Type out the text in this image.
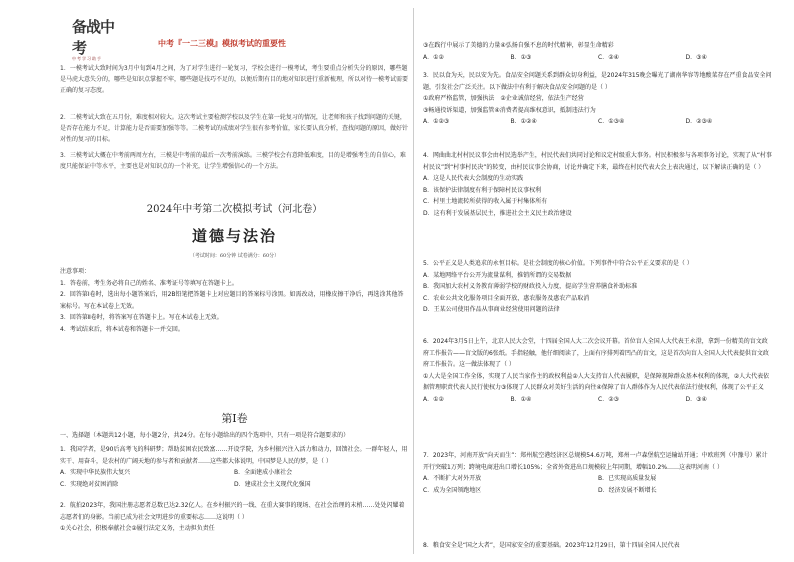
备战中考
中考学习助手
中考『一二三模』模拟考试的重要性
1．一模考试大致时间为3月中旬到4月之间，为了对学生进行一轮复习，学校会进行一模考试，考生要重点分析失分的原因，哪些题是马虎大意失分的，哪些是知识点掌握不牢，哪些题是技巧不足的，以便后期有目的地对知识进行重新梳理，所以对待一模考试需要正确的复习态度。
2．二模考试大致在五月份，难度相对较大。这次考试主要检测学校以及学生在第一轮复习的情况，让老师和孩子找到问题的关键，是否存在能力不足，计算能力是否需要加强等等。二模考试的成绩对学生很有参考价值，家长要认真分析，查找问题的原因，做好针对性的复习的目标。
3．三模考试大概在中考前两周左右，三模是中考前的最后一次考前演练。三模学校会有意降低难度，目的是增强考生的自信心，难度只能保证中等水平，主要也是对知识点的一个补充，让学生增强信心的一个方法。
2024年中考第二次模拟考试（河北卷）
道德与法治
（考试时间：60分钟 试卷满分：60分）
注意事项：
1．答卷前，考生务必将自己的姓名、准考证号等填写在答题卡上。
2．回答第Ⅰ卷时，选出每小题答案后，用2B铅笔把答题卡上对应题目的答案标号涂黑。如需改动，用橡皮擦干净后，再选涂其他答案标号。写在本试卷上无效。
3．回答第Ⅱ卷时，将答案写在答题卡上。写在本试卷上无效。
4．考试结束后，将本试卷和答题卡一并交回。
第Ⅰ卷
一、选择题（本题共12小题，每小题2分，共24分。在每小题给出的四个选项中，只有一项是符合题要求的）
1．我国学者，是90后高考飞的科研梦；帮助贫困农民致富……开设学院，为乡村振兴注入活力和动力，回馈社会。一群年轻人，用实干、用奋斗，是农村的广阔天地的参与者和贡献者……这些都大体说明，中国梦是人民的梦，是（ ）
A．实现中华民族伟大复兴	B．全面建成小康社会
C．实现绝对贫困消除	D．建成社会主义现代化强国
2．航拍2023年，我国注册志愿者总数已达2.32亿人。在乡村振兴的一线、在重大赛事的现场、在社会治理的末梢……处处闪耀着志愿者们的身影。当前已成为社会文明进步的重要标志……这说明（ ）
①关心社会，积极奉献社会②履行法定义务，主动担负责任
③在践行中展示了美德的力量④弘扬自强不息的时代精神，彰显生命精彩
A．①②	B．①③	C．②④	D．③④
3．民以食为天，民以安为先。食品安全问题关系到群众切身利益，是2024年315晚会曝光了湖南华容等地酸菜存在严重食品安全问题，引发社会广泛关注。以下做法中有利于解决食品安全问题的是（ ）
①政府严格监管，加强执法　②企业诚信经营，依法生产经营
③畅通投诉渠道，加强监管④消费者提高维权意识，抵制违法行为
A．①②③	B．①②④	C．①③④	D．②③④
4．网曲曲北村村民议事会由村民选举产生，村民代表们共同讨论和议定村级重大事务。村民积极参与各项事务讨论，实现了从“村事村民议”到“村事村民决”的转变，由村民议事会协商，讨论并确定下来，最终在村民代表大会上表决通过，以下解读正确的是（ ）
A．这是人民代表大会制度的生动实践
B．该保护法律制度有利于保障村民议事权利
C．村里土地流转所获得的收入属于村集体所有
D．这有利于发展基层民主，推进社会主义民主政治建设
5．公平正义是人类追求的永恒目标。是社会制度的核心价值。下列事件中符合公平正义要求的是（ ）
A．某地网络平台公开为流量谋利，推销所谓的交易数据
B．我国加大农村义务教育薄弱学校的财政投入力度，提高学生营养膳食补助标准
C．农业公共文化服务项目全面开放，惠农服务及惠农产品取消
D．王某公司使用作品从事商业经营使用问题的法律
6．2024年3月5日上午，北京人民大会堂，十四届全国人大二次会议开幕。首位盲人全国人大代表王永澄，拿到一份精美的盲文政府工作报告——盲文版的6张纸。手指轻触，他仔细阅读了，上面有序排列着凹凸的盲文，这是首次向盲人全国人大代表提供盲文政府工作报告。这一做法体现了（ ）
①人大是全国工作全体，实现了人民当家作主的政权利益②人大支持盲人代表履职，是保障视障群众基本权利的体现，②人大代表依据管理职责代表人民行使权力③体现了人民群众对美好生活的向往④保障了盲人群体作为人民代表依法行使权利，体现了公平正义
A．①②	B．①④	C．②③	D．③④
7．2023年，河南开放“向天而生”：郑州航空港经济区总规模54.6万吨，郑州一卢森堡航空运输站开通；中欧班列（中豫号）累计开行突破1万列；跨境电商进出口增长105%；全省外资进出口规模较上年同期，增幅10.2%……这表明河南（ ）
A．不断扩大对外开放	B．已实现高质量发展
C．成为全国领跑地区	D．经济发展不断增长
8．粮食安全是“国之大者”，是国家安全的重要基础。2023年12月29日，第十四届全国人民代表
